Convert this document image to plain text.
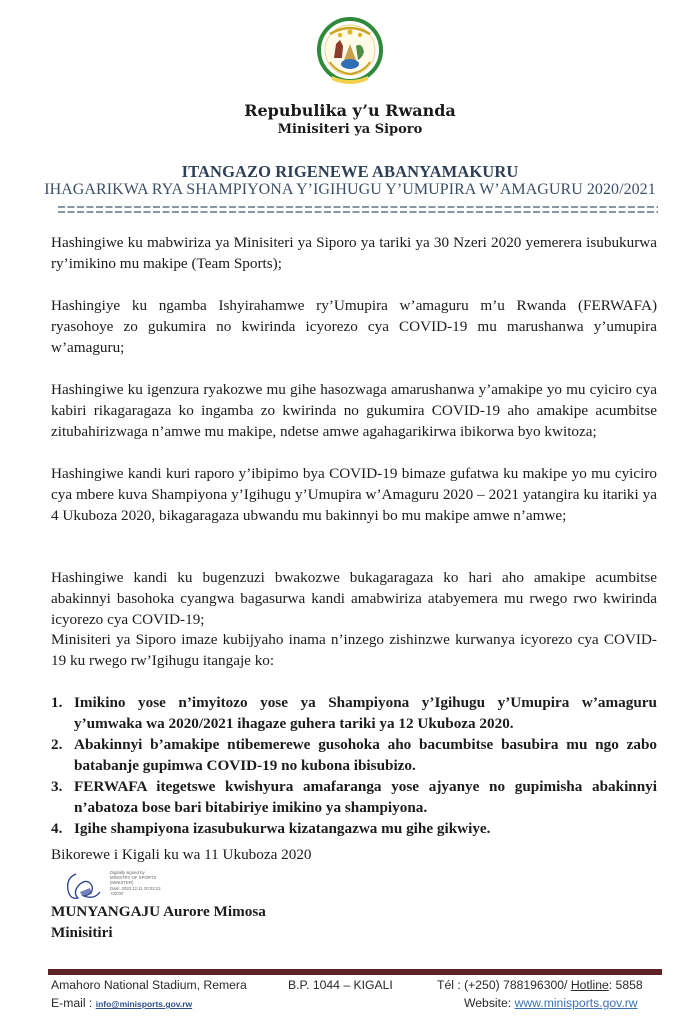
Repubulika y’u Rwanda
Minisiteri ya Siporo
ITANGAZO RIGENEWE ABANYAMAKURU
IHAGARIKWA RYA SHAMPIYONA Y’IGIHUGU Y’UMUPIRA W’AMAGURU 2020/2021

Hashingiwe ku mabwiriza ya Minisiteri ya Siporo ya tariki ya 30 Nzeri 2020 yemerera isubukurwa ry’imikino mu makipe (Team Sports);

Hashingiye ku ngamba Ishyirahamwe ry’Umupira w’amaguru m’u Rwanda (FERWAFA) ryasohoye zo gukumira no kwirinda icyorezo cya COVID-19 mu marushanwa y’umupira w’amaguru;

Hashingiwe ku igenzura ryakozwe mu gihe hasozwaga amarushanwa y’amakipe yo mu cyiciro cya kabiri rikagaragaza ko ingamba zo kwirinda no gukumira COVID-19 aho amakipe acumbitse zitubahirizwaga n’amwe mu makipe, ndetse amwe agahagarikirwa ibikorwa byo kwitoza;

Hashingiwe kandi kuri raporo y’ibipimo bya COVID-19 bimaze gufatwa ku makipe yo mu cyiciro cya mbere kuva Shampiyona y’Igihugu y’Umupira w’Amaguru 2020 – 2021 yatangira ku itariki ya 4 Ukuboza 2020, bikagaragaza ubwandu mu bakinnyi bo mu makipe amwe n’amwe;

Hashingiwe kandi ku bugenzuzi bwakozwe bukagaragaza ko hari aho amakipe acumbitse abakinnyi basohoka cyangwa bagasurwa kandi amabwiriza atabyemera mu rwego rwo kwirinda icyorezo cya COVID-19;

Minisiteri ya Siporo imaze kubijyaho inama n’inzego zishinzwe kurwanya icyorezo cya COVID-19 ku rwego rw’Igihugu itangaje ko:

1. Imikino yose n’imyitozo yose ya Shampiyona y’Igihugu y’Umupira w’amaguru y’umwaka wa 2020/2021 ihagaze guhera tariki ya 12 Ukuboza 2020.
2. Abakinnyi b’amakipe ntibemerewe gusohoka aho bacumbitse basubira mu ngo zabo batabanje gupimwa COVID-19 no kubona ibisubizo.
3. FERWAFA itegetswe kwishyura amafaranga yose ajyanye no gupimisha abakinnyi n’abatoza bose bari bitabiriye imikino ya shampiyona.
4. Igihe shampiyona izasubukurwa kizatangazwa mu gihe gikwiye.
Bikorewe i Kigali ku wa 11 Ukuboza 2020
Digitally signed by
MINISTRY OF SPORTS
(MINISTER)
Date: 2020.12.11 20:03:13
+02'00'
MUNYANGAJU Aurore Mimosa
Minisitiri
Amahoro National Stadium, Remera	B.P. 1044 – KIGALI	Tél : (+250) 788196300/ Hotline: 5858
E-mail : info@minisports.gov.rw	Website: www.minisports.gov.rw
